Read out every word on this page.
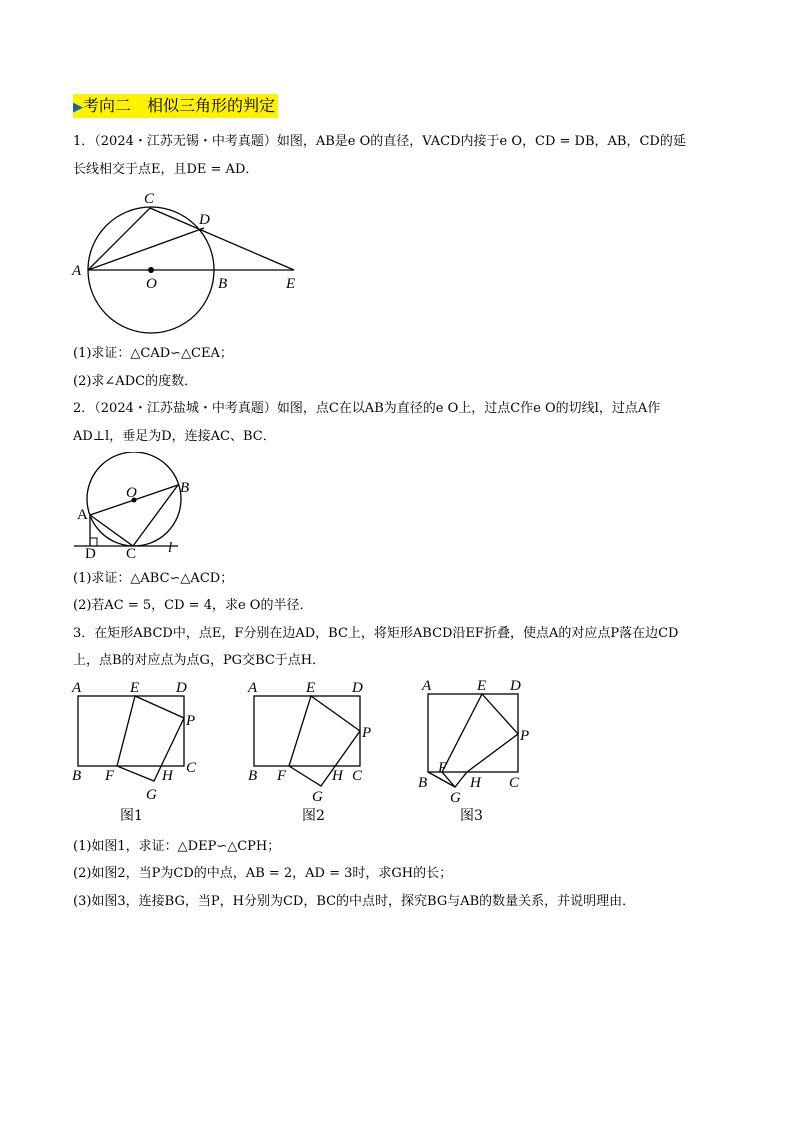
▶考向二　相似三角形的判定
1．（2024・江苏无锡・中考真题）如图，AB是e O的直径，VACD内接于e O，CD = DB，AB，CD的延
长线相交于点E，且DE = AD．
A
C
D
O	B	E
(1)求证：△CAD∽△CEA；
(2)求∠ADC的度数．
2．（2024・江苏盐城・中考真题）如图，点C在以AB为直径的e O上，过点C作e O的切线l，过点A作
AD⊥l，垂足为D，连接AC、BC．
A
B
O
D C l
(1)求证：△ABC∽△ACD；
(2)若AC = 5，CD = 4，求e O的半径．
3．在矩形ABCD中，点E，F分别在边AD，BC上，将矩形ABCD沿EF折叠，使点A的对应点P落在边CD
上，点B的对应点为点G，PG交BC于点H．
A	E D
P
C
B F	H
G
A	E D
P
C
B F	H
G
A	E D
P
C
B
F
H
G
图1	图2	图3
(1)如图1，求证：△DEP∽△CPH；
(2)如图2，当P为CD的中点，AB = 2，AD = 3时，求GH的长；
(3)如图3，连接BG，当P，H分别为CD，BC的中点时，探究BG与AB的数量关系，并说明理由．
